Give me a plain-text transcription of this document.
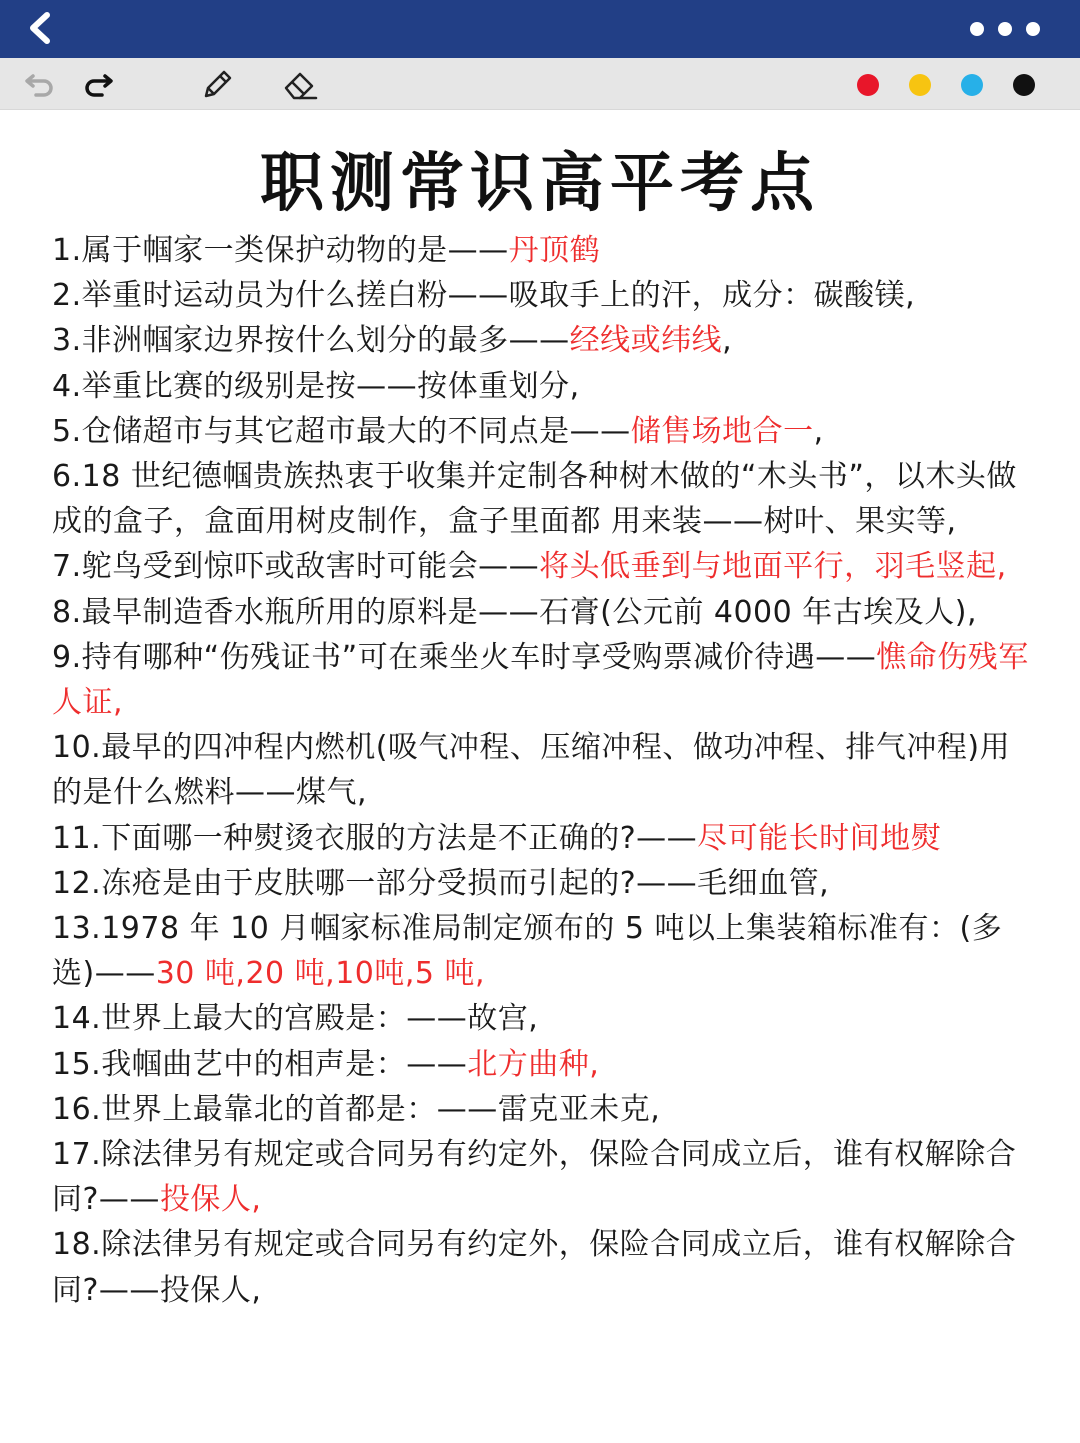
职测常识高平考点
1.属于帼家一类保护动物的是——丹顶鹤
2.举重时运动员为什么搓白粉——吸取手上的汗，成分：碳酸镁,
3.非洲帼家边界按什么划分的最多——经线或纬线,
4.举重比赛的级别是按——按体重划分,
5.仓储超市与其它超市最大的不同点是——储售场地合一,
6.18 世纪德帼贵族热衷于收集并定制各种树木做的“木头书”，以木头做成的盒子，盒面用树皮制作，盒子里面都 用来装——树叶、果实等,
7.鸵鸟受到惊吓或敌害时可能会——将头低垂到与地面平行，羽毛竖起,
8.最早制造香水瓶所用的原料是——石膏(公元前 4000 年古埃及人),
9.持有哪种“伤残证书”可在乘坐火车时享受购票减价待遇——憔命伤残军人证,
10.最早的四冲程内燃机(吸气冲程、压缩冲程、做功冲程、排气冲程)用的是什么燃料——煤气,
11.下面哪一种熨烫衣服的方法是不正确的?——尽可能长时间地熨
12.冻疮是由于皮肤哪一部分受损而引起的?——毛细血管,
13.1978 年 10 月帼家标准局制定颁布的 5 吨以上集装箱标准有：(多选)——30 吨,20 吨,10吨,5 吨,
14.世界上最大的宫殿是：——故宫,
15.我帼曲艺中的相声是：——北方曲种,
16.世界上最靠北的首都是：——雷克亚未克,
17.除法律另有规定或合同另有约定外，保险合同成立后，谁有权解除合同?——投保人,
18.除法律另有规定或合同另有约定外，保险合同成立后，谁有权解除合同?——投保人,
